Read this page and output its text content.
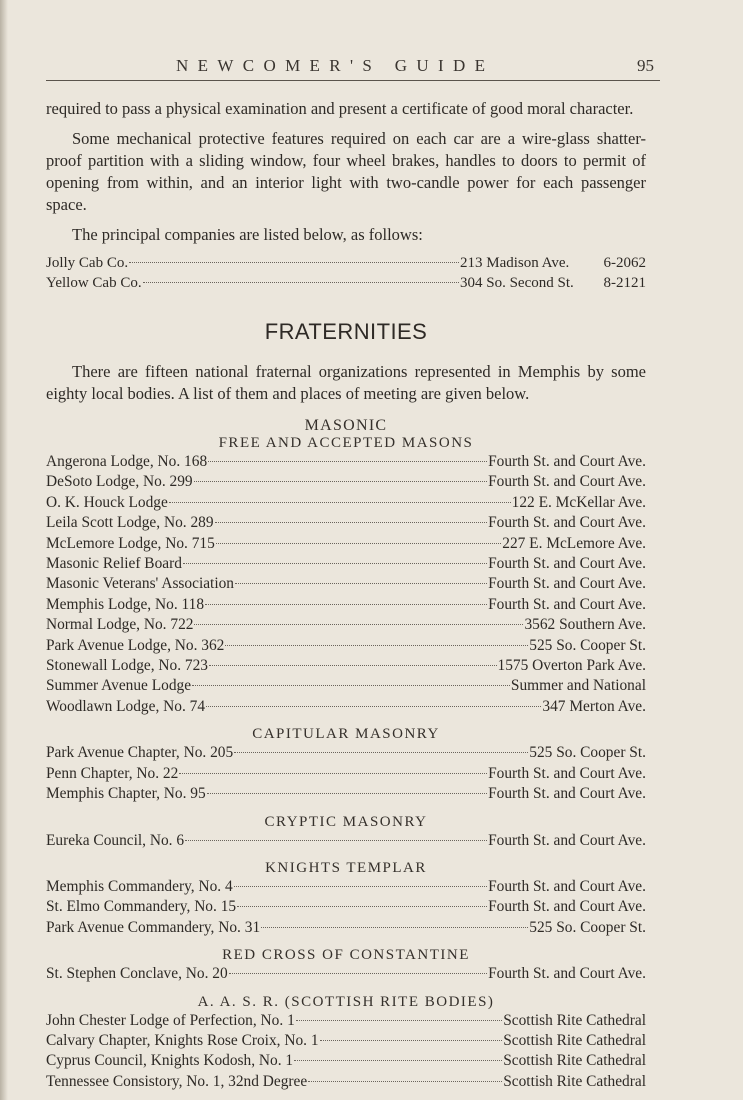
NEWCOMER'S GUIDE	95

required to pass a physical examination and present a certificate of good moral character.

Some mechanical protective features required on each car are a wire-glass shatter-proof partition with a sliding window, four wheel brakes, handles to doors to permit of opening from within, and an interior light with two-candle power for each passenger space.

The principal companies are listed below, as follows:

Jolly Cab Co.	213 Madison Ave.	6-2062
Yellow Cab Co.	304 So. Second St.	8-2121
FRATERNITIES

There are fifteen national fraternal organizations represented in Memphis by some eighty local bodies. A list of them and places of meeting are given below.

MASONIC
FREE AND ACCEPTED MASONS
Angerona Lodge, No. 168	Fourth St. and Court Ave.
DeSoto Lodge, No. 299	Fourth St. and Court Ave.
O. K. Houck Lodge	122 E. McKellar Ave.
Leila Scott Lodge, No. 289	Fourth St. and Court Ave.
McLemore Lodge, No. 715	227 E. McLemore Ave.
Masonic Relief Board	Fourth St. and Court Ave.
Masonic Veterans' Association	Fourth St. and Court Ave.
Memphis Lodge, No. 118	Fourth St. and Court Ave.
Normal Lodge, No. 722	3562 Southern Ave.
Park Avenue Lodge, No. 362	525 So. Cooper St.
Stonewall Lodge, No. 723	1575 Overton Park Ave.
Summer Avenue Lodge	Summer and National
Woodlawn Lodge, No. 74	347 Merton Ave.
CAPITULAR MASONRY
Park Avenue Chapter, No. 205	525 So. Cooper St.
Penn Chapter, No. 22	Fourth St. and Court Ave.
Memphis Chapter, No. 95	Fourth St. and Court Ave.
CRYPTIC MASONRY
Eureka Council, No. 6	Fourth St. and Court Ave.
KNIGHTS TEMPLAR
Memphis Commandery, No. 4	Fourth St. and Court Ave.
St. Elmo Commandery, No. 15	Fourth St. and Court Ave.
Park Avenue Commandery, No. 31	525 So. Cooper St.
RED CROSS OF CONSTANTINE
St. Stephen Conclave, No. 20	Fourth St. and Court Ave.
A. A. S. R. (SCOTTISH RITE BODIES)
John Chester Lodge of Perfection, No. 1	Scottish Rite Cathedral
Calvary Chapter, Knights Rose Croix, No. 1	Scottish Rite Cathedral
Cyprus Council, Knights Kodosh, No. 1	Scottish Rite Cathedral
Tennessee Consistory, No. 1, 32nd Degree	Scottish Rite Cathedral
